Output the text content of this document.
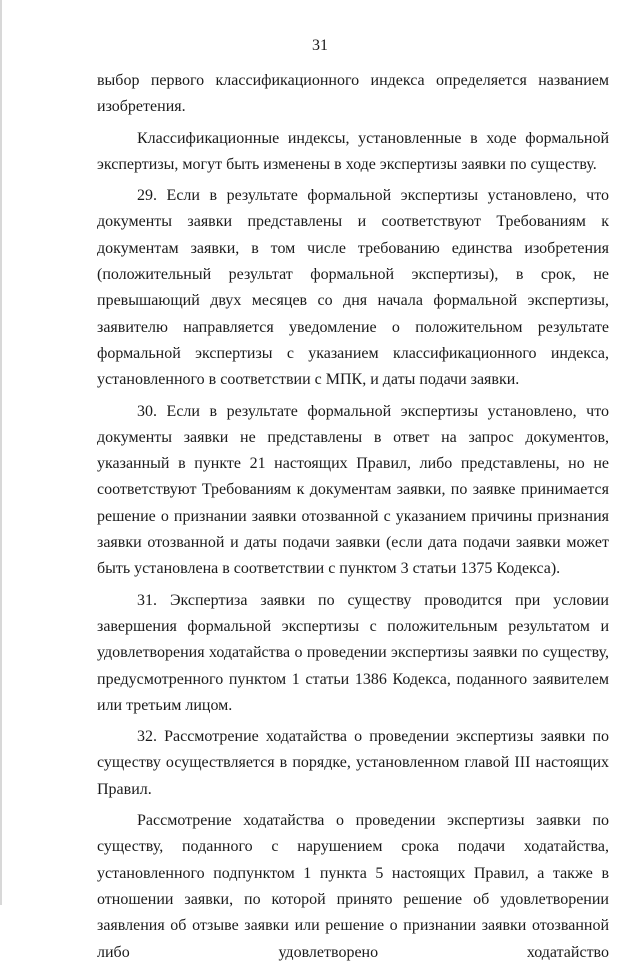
31

выбор первого классификационного индекса определяется названием изобретения.

Классификационные индексы, установленные в ходе формальной экспертизы, могут быть изменены в ходе экспертизы заявки по существу.

29. Если в результате формальной экспертизы установлено, что документы заявки представлены и соответствуют Требованиям к документам заявки, в том числе требованию единства изобретения (положительный результат формальной экспертизы), в срок, не превышающий двух месяцев со дня начала формальной экспертизы, заявителю направляется уведомление о положительном результате формальной экспертизы с указанием классификационного индекса, установленного в соответствии с МПК, и даты подачи заявки.

30. Если в результате формальной экспертизы установлено, что документы заявки не представлены в ответ на запрос документов, указанный в пункте 21 настоящих Правил, либо представлены, но не соответствуют Требованиям к документам заявки, по заявке принимается решение о признании заявки отозванной с указанием причины признания заявки отозванной и даты подачи заявки (если дата подачи заявки может быть установлена в соответствии с пунктом 3 статьи 1375 Кодекса).

31. Экспертиза заявки по существу проводится при условии завершения формальной экспертизы с положительным результатом и удовлетворения ходатайства о проведении экспертизы заявки по существу, предусмотренного пунктом 1 статьи 1386 Кодекса, поданного заявителем или третьим лицом.

32. Рассмотрение ходатайства о проведении экспертизы заявки по существу осуществляется в порядке, установленном главой III настоящих Правил.

Рассмотрение ходатайства о проведении экспертизы заявки по существу, поданного с нарушением срока подачи ходатайства, установленного подпунктом 1 пункта 5 настоящих Правил, а также в отношении заявки, по которой принято решение об удовлетворении заявления об отзыве заявки или решение о признании заявки отозванной либо удовлетворено ходатайство
